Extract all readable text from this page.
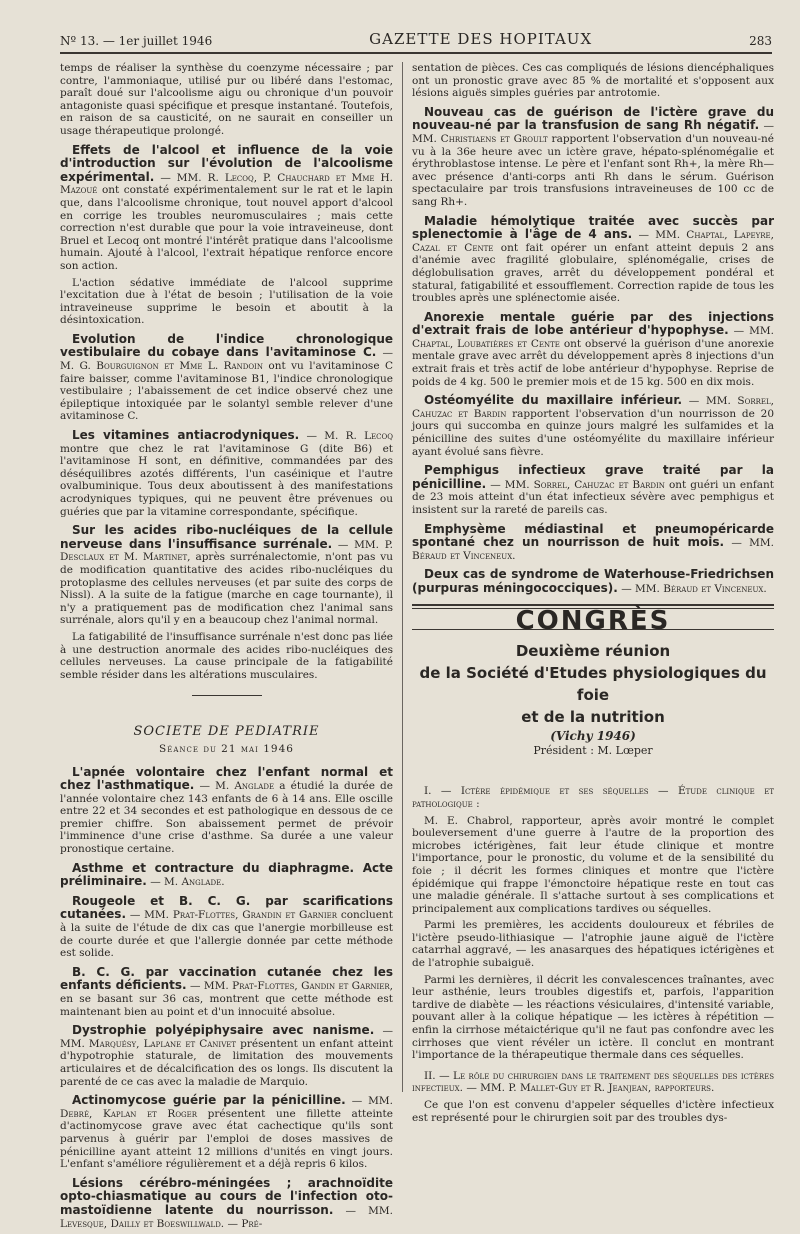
Nº 13. — 1er juillet 1946	GAZETTE DES HOPITAUX	283

temps de réaliser la synthèse du coenzyme nécessaire ; par contre, l'ammoniaque, utilisé pur ou libéré dans l'estomac, paraît doué sur l'alcoolisme aigu ou chronique d'un pouvoir antagoniste quasi spécifique et presque instantané. Toutefois, en raison de sa causticité, on ne saurait en conseiller un usage thérapeutique prolongé.

Effets de l'alcool et influence de la voie d'introduction sur l'évolution de l'alcoolisme expérimental. — MM. R. Lecoq, P. Chauchard et Mme H. Mazoué ont constaté expérimentalement sur le rat et le lapin que, dans l'alcoolisme chronique, tout nouvel apport d'alcool en corrige les troubles neuromusculaires ; mais cette correction n'est durable que pour la voie intraveineuse, dont Bruel et Lecoq ont montré l'intérêt pratique dans l'alcoolisme humain. Ajouté à l'alcool, l'extrait hépatique renforce encore son action.

L'action sédative immédiate de l'alcool supprime l'excitation due à l'état de besoin ; l'utilisation de la voie intraveineuse supprime le besoin et aboutit à la désintoxication.

Evolution de l'indice chronologique vestibulaire du cobaye dans l'avitaminose C. — M. G. Bourguignon et Mme L. Randoin ont vu l'avitaminose C faire baisser, comme l'avitaminose B1, l'indice chronologique vestibulaire ; l'abaissement de cet indice observé chez une épileptique intoxiquée par le solantyl semble relever d'une avitaminose C.

Les vitamines antiacrodyniques. — M. R. Lecoq montre que chez le rat l'avitaminose G (dite B6) et l'avitaminose H sont, en définitive, commandées par des déséquilibres azotés différents, l'un caséinique et l'autre ovalbuminique. Tous deux aboutissent à des manifestations acrodyniques typiques, qui ne peuvent être prévenues ou guéries que par la vitamine correspondante, spécifique.

Sur les acides ribo-nucléiques de la cellule nerveuse dans l'insuffisance surrénale. — MM. P. Desclaux et M. Martinet, après surrénalectomie, n'ont pas vu de modification quantitative des acides ribo-nucléiques du protoplasme des cellules nerveuses (et par suite des corps de Nissl). A la suite de la fatigue (marche en cage tournante), il n'y a pratiquement pas de modification chez l'animal sans surrénale, alors qu'il y en a beaucoup chez l'animal normal.

La fatigabilité de l'insuffisance surrénale n'est donc pas liée à une destruction anormale des acides ribo-nucléiques des cellules nerveuses. La cause principale de la fatigabilité semble résider dans les altérations musculaires.

SOCIETE DE PEDIATRIE
Séance du 21 mai 1946

L'apnée volontaire chez l'enfant normal et chez l'asthmatique. — M. Anglade a étudié la durée de l'année volontaire chez 143 enfants de 6 à 14 ans. Elle oscille entre 22 et 34 secondes et est pathologique en dessous de ce premier chiffre. Son abaissement permet de prévoir l'imminence d'une crise d'asthme. Sa durée a une valeur pronostique certaine.

Asthme et contracture du diaphragme. Acte préliminaire. — M. Anglade.

Rougeole et B. C. G. par scarifications cutanées. — MM. Prat-Flottes, Grandin et Garnier concluent à la suite de l'étude de dix cas que l'anergie morbilleuse est de courte durée et que l'allergie donnée par cette méthode est solide.

B. C. G. par vaccination cutanée chez les enfants déficients. — MM. Prat-Flottes, Gandin et Garnier, en se basant sur 36 cas, montrent que cette méthode est maintenant bien au point et d'un innocuité absolue.

Dystrophie polyépiphysaire avec nanisme. — MM. Marquésy, Laplane et Canivet présentent un enfant atteint d'hypotrophie staturale, de limitation des mouvements articulaires et de décalcification des os longs. Ils discutent la parenté de ce cas avec la maladie de Marquio.

Actinomycose guérie par la pénicilline. — MM. Debré, Kaplan et Roger présentent une fillette atteinte d'actinomycose grave avec état cachectique qu'ils sont parvenus à guérir par l'emploi de doses massives de pénicilline ayant atteint 12 millions d'unités en vingt jours. L'enfant s'améliore régulièrement et a déjà repris 6 kilos.

Lésions cérébro-méningées ; arachnoïdite opto-chiasmatique au cours de l'infection oto-mastoïdienne latente du nourrisson. — MM. Levesque, Dailly et Boeswillwald. — Pré-

sentation de pièces. Ces cas compliqués de lésions diencéphaliques ont un pronostic grave avec 85 % de mortalité et s'opposent aux lésions aiguës simples guéries par antrotomie.

Nouveau cas de guérison de l'ictère grave du nouveau-né par la transfusion de sang Rh négatif. — MM. Christiaens et Groult rapportent l'observation d'un nouveau-né vu à la 36e heure avec un ictère grave, hépato-splénomégalie et érythroblastose intense. Le père et l'enfant sont Rh+, la mère Rh— avec présence d'anti-corps anti Rh dans le sérum. Guérison spectaculaire par trois transfusions intraveineuses de 100 cc de sang Rh+.

Maladie hémolytique traitée avec succès par splenectomie à l'âge de 4 ans. — MM. Chaptal, Lapeyre, Cazal et Cente ont fait opérer un enfant atteint depuis 2 ans d'anémie avec fragilité globulaire, splénomégalie, crises de déglobulisation graves, arrêt du développement pondéral et statural, fatigabilité et essoufflement. Correction rapide de tous les troubles après une splénectomie aisée.

Anorexie mentale guérie par des injections d'extrait frais de lobe antérieur d'hypophyse. — MM. Chaptal, Loubatières et Cente ont observé la guérison d'une anorexie mentale grave avec arrêt du développement après 8 injections d'un extrait frais et très actif de lobe antérieur d'hypophyse. Reprise de poids de 4 kg. 500 le premier mois et de 15 kg. 500 en dix mois.

Ostéomyélite du maxillaire inférieur. — MM. Sorrel, Cahuzac et Bardin rapportent l'observation d'un nourrisson de 20 jours qui succomba en quinze jours malgré les sulfamides et la pénicilline des suites d'une ostéomyélite du maxillaire inférieur ayant évolué sans fièvre.

Pemphigus infectieux grave traité par la pénicilline. — MM. Sorrel, Cahuzac et Bardin ont guéri un enfant de 23 mois atteint d'un état infectieux sévère avec pemphigus et insistent sur la rareté de pareils cas.

Emphysème médiastinal et pneumopéricarde spontané chez un nourrisson de huit mois. — MM. Béraud et Vinceneux.

Deux cas de syndrome de Waterhouse-Friedrichsen (purpuras méningococciques). — MM. Béraud et Vinceneux.

CONGRÈS
Deuxième réunion
de la Société d'Etudes physiologiques du foie
et de la nutrition
(Vichy 1946)
Président : M. Lœper

I. — Ictère épidémique et ses séquelles — Étude clinique et pathologique :

M. E. Chabrol, rapporteur, après avoir montré le complet bouleversement d'une guerre à l'autre de la proportion des microbes ictérigènes, fait leur étude clinique et montre l'importance, pour le pronostic, du volume et de la sensibilité du foie ; il décrit les formes cliniques et montre que l'ictère épidémique qui frappe l'émonctoire hépatique reste en tout cas une maladie générale. Il s'attache surtout à ses complications et principalement aux complications tardives ou séquelles.

Parmi les premières, les accidents douloureux et fébriles de l'ictère pseudo-lithiasique — l'atrophie jaune aiguë de l'ictère catarrhal aggravé, — les anasarques des hépatiques ictérigènes et de l'atrophie subaiguë.

Parmi les dernières, il décrit les convalescences traînantes, avec leur asthénie, leurs troubles digestifs et, parfois, l'apparition tardive de diabète — les réactions vésiculaires, d'intensité variable, pouvant aller à la colique hépatique — les ictères à répétition — enfin la cirrhose métaictérique qu'il ne faut pas confondre avec les cirrhoses que vient révéler un ictère. Il conclut en montrant l'importance de la thérapeutique thermale dans ces séquelles.

II. — Le rôle du chirurgien dans le traitement des séquelles des ictères infectieux. — MM. P. Mallet-Guy et R. Jeanjean, rapporteurs.

Ce que l'on est convenu d'appeler séquelles d'ictère infectieux est représenté pour le chirurgien soit par des troubles dys-
